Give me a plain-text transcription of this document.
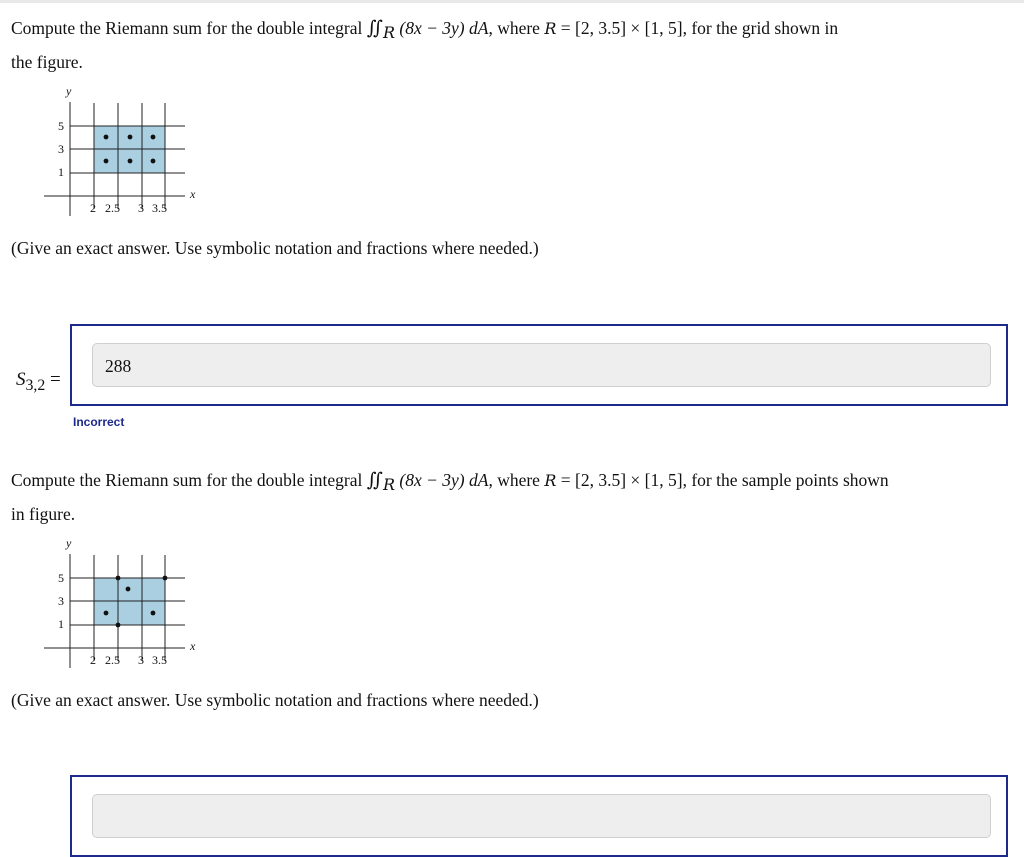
Compute the Riemann sum for the double integral $∬_R$ (8x − 3y) dA, where R = [2, 3.5] × [1, 5], for the grid shown in
the figure.
y
x
5
3
1
2 2.5 3 3.5
(Give an exact answer. Use symbolic notation and fractions where needed.)
$S_{3,2}$ =
288
Incorrect
Compute the Riemann sum for the double integral $∬_R$ (8x − 3y) dA, where R = [2, 3.5] × [1, 5], for the sample points shown
in figure.
y
x
5
3
1
2 2.5 3 3.5
(Give an exact answer. Use symbolic notation and fractions where needed.)
